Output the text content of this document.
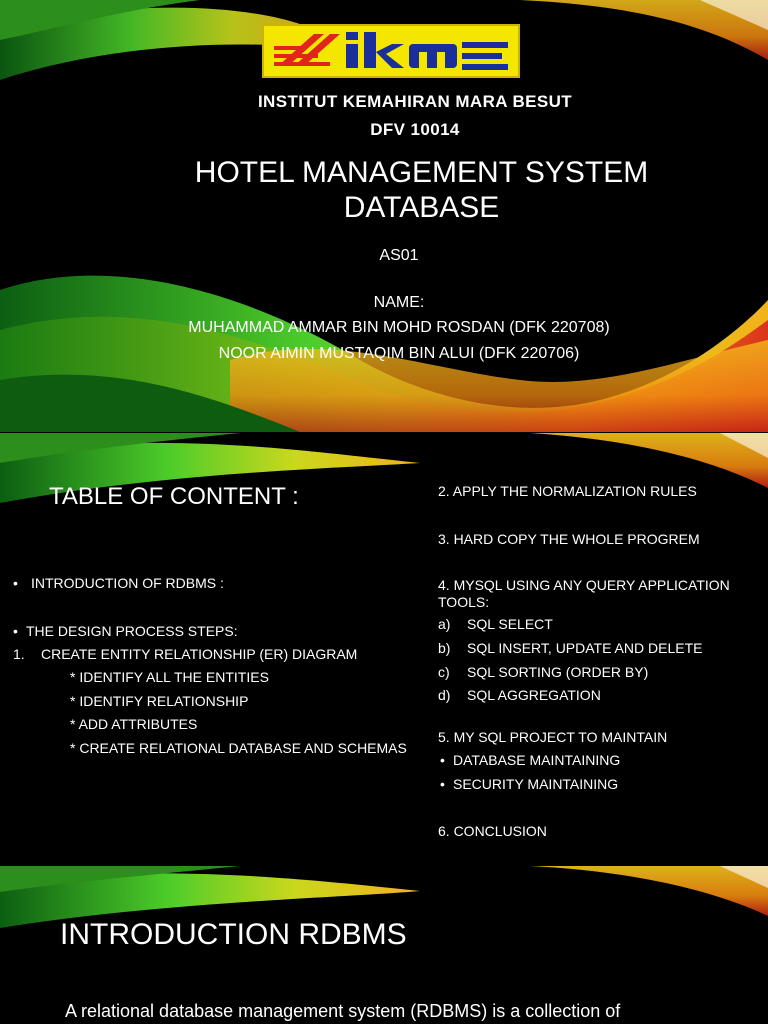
INSTITUT KEMAHIRAN MARA BESUT
DFV 10014
HOTEL MANAGEMENT SYSTEM
DATABASE
AS01
NAME:
MUHAMMAD AMMAR BIN MOHD ROSDAN (DFK 220708)
NOOR AIMIN MUSTAQIM BIN ALUI (DFK 220706)
TABLE OF CONTENT :
• INTRODUCTION OF RDBMS :
• THE DESIGN PROCESS STEPS:
1. CREATE ENTITY RELATIONSHIP (ER) DIAGRAM
* IDENTIFY ALL THE ENTITIES
* IDENTIFY RELATIONSHIP
* ADD ATTRIBUTES
* CREATE RELATIONAL DATABASE AND SCHEMAS
2. APPLY THE NORMALIZATION RULES
3. HARD COPY THE WHOLE PROGREM
4. MYSQL USING ANY QUERY APPLICATION
TOOLS:
a) SQL SELECT
b) SQL INSERT, UPDATE AND DELETE
c) SQL SORTING (ORDER BY)
d) SQL AGGREGATION
5. MY SQL PROJECT TO MAINTAIN
• DATABASE MAINTAINING
• SECURITY MAINTAINING
6. CONCLUSION
INTRODUCTION RDBMS
A relational database management system (RDBMS) is a collection of
